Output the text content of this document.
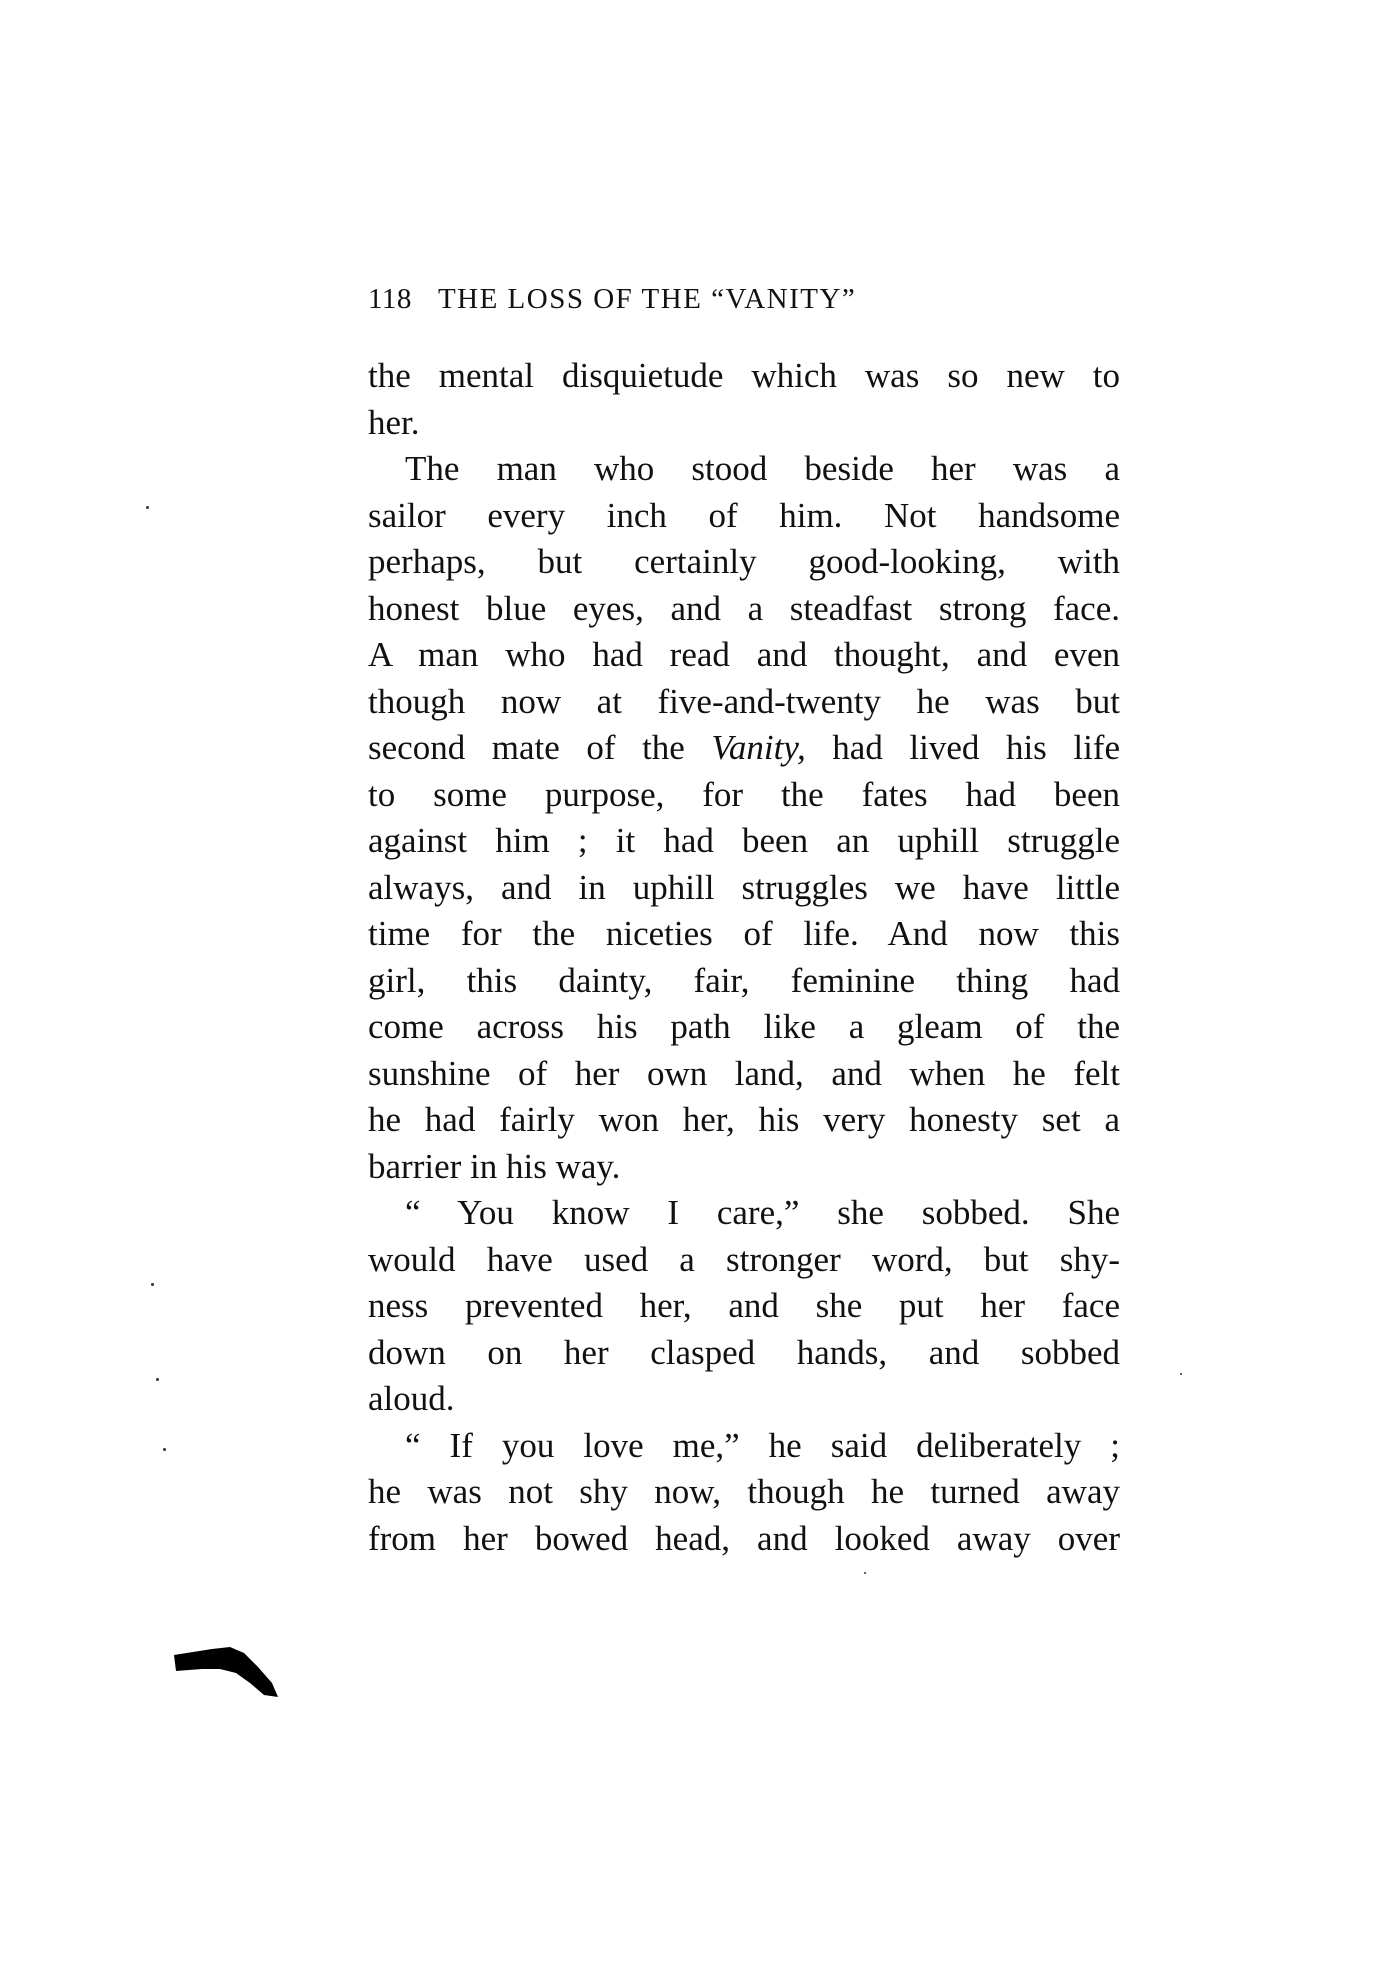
118 THE LOSS OF THE “VANITY”
the mental disquietude which was so new to
her.
The man who stood beside her was a
sailor every inch of him. Not handsome
perhaps, but certainly good-looking, with
honest blue eyes, and a steadfast strong face.
A man who had read and thought, and even
though now at five-and-twenty he was but
second mate of the Vanity, had lived his life
to some purpose, for the fates had been
against him ; it had been an uphill struggle
always, and in uphill struggles we have little
time for the niceties of life. And now this
girl, this dainty, fair, feminine thing had
come across his path like a gleam of the
sunshine of her own land, and when he felt
he had fairly won her, his very honesty set a
barrier in his way.
“ You know I care,” she sobbed. She
would have used a stronger word, but shy-
ness prevented her, and she put her face
down on her clasped hands, and sobbed
aloud.
“ If you love me,” he said deliberately ;
he was not shy now, though he turned away
from her bowed head, and looked away over
